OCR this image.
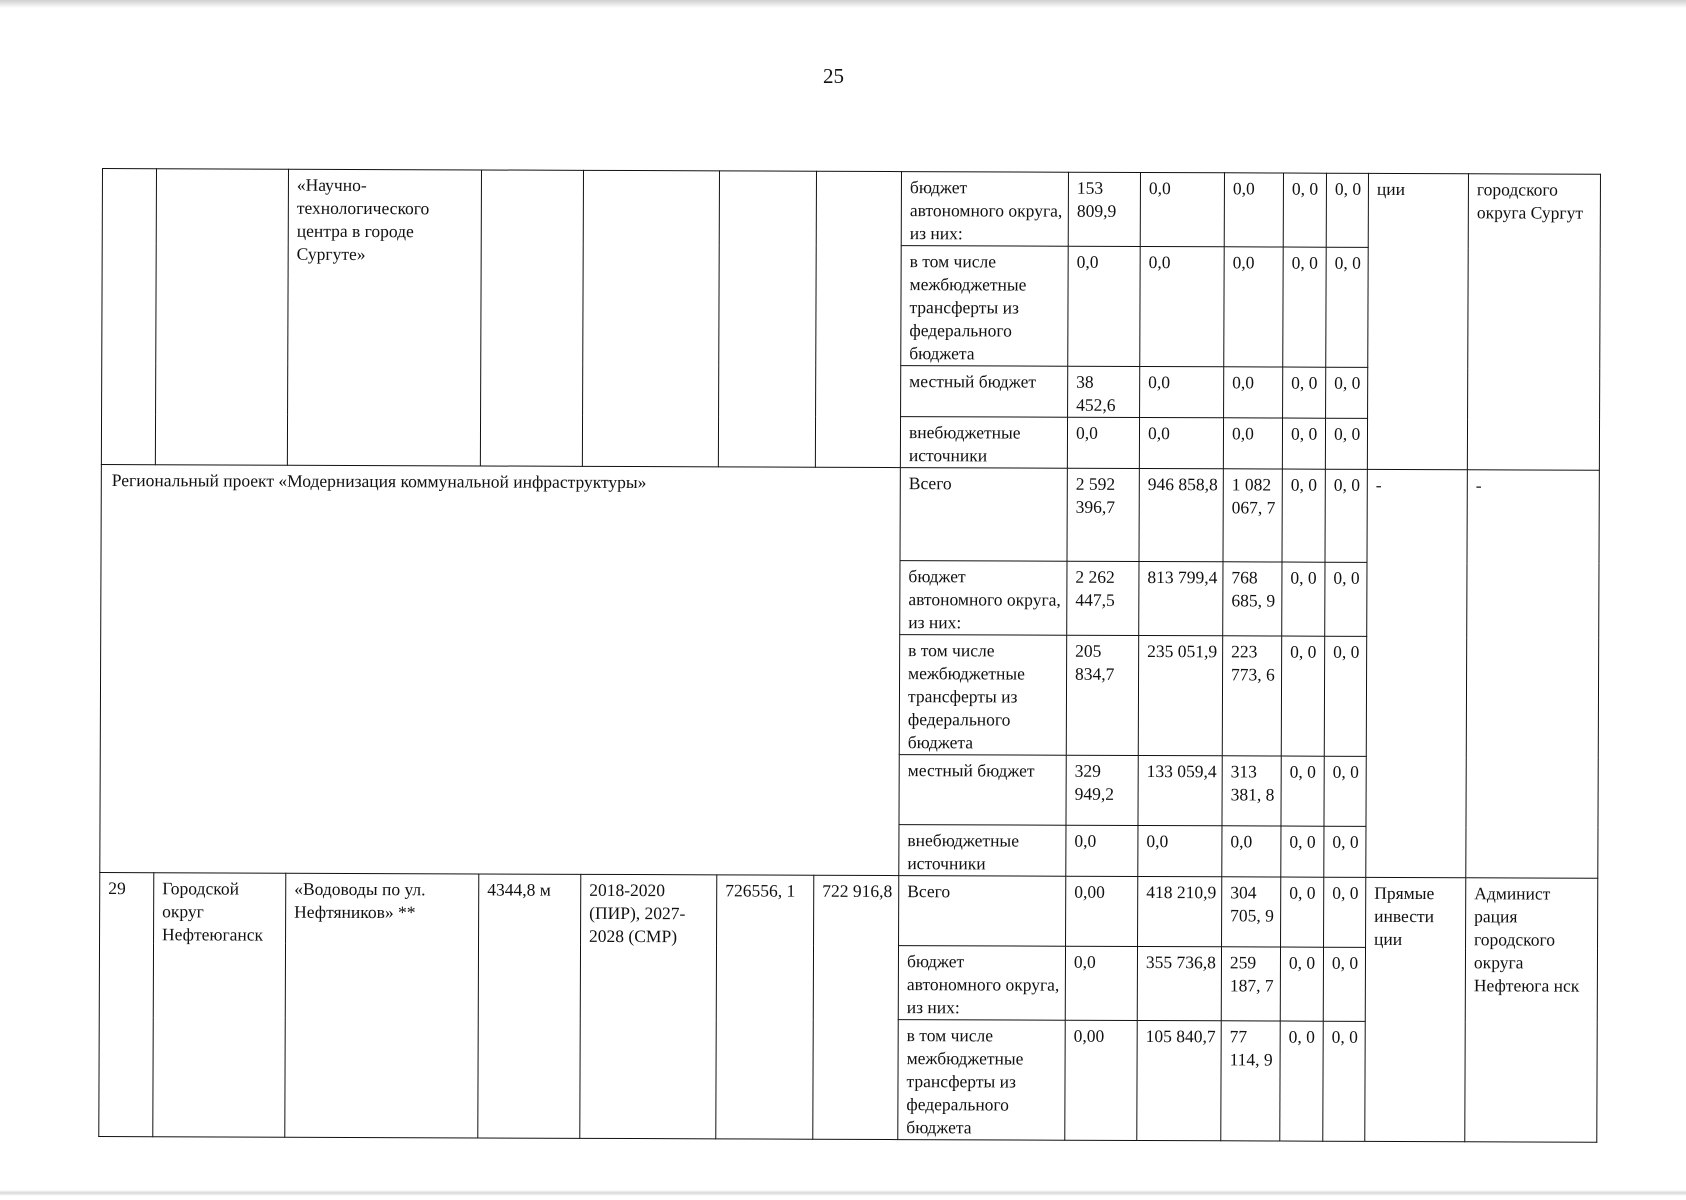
25
		«Научно-технологического центра в городе Сургуте»					бюджет автономного округа, из них:	153 809,9	0,0	0,0	0, 0	0, 0	ции	городского округа Сургут
							в том числе межбюджетные трансферты из федерального бюджета	0,0	0,0	0,0	0, 0	0, 0		
							местный бюджет	38 452,6	0,0	0,0	0, 0	0, 0		
							внебюджетные источники	0,0	0,0	0,0	0, 0	0, 0		
Региональный проект «Модернизация коммунальной инфраструктуры»							Всего	2 592 396,7	946 858,8	1 082 067, 7	0, 0	0, 0	-	-
							бюджет автономного округа, из них:	2 262 447,5	813 799,4	768 685, 9	0, 0	0, 0		
							в том числе межбюджетные трансферты из федерального бюджета	205 834,7	235 051,9	223 773, 6	0, 0	0, 0		
							местный бюджет	329 949,2	133 059,4	313 381, 8	0, 0	0, 0		
							внебюджетные источники	0,0	0,0	0,0	0, 0	0, 0		
29	Городской округ Нефтеюганск	«Водоводы по ул. Нефтяников» **	4344,8 м	2018-2020 (ПИР), 2027-2028 (СМР)	726556, 1	722 916,8	Всего	0,00	418 210,9	304 705, 9	0, 0	0, 0	Прямые инвести ции	Админист рация городского округа Нефтеюга нск
							бюджет автономного округа, из них:	0,0	355 736,8	259 187, 7	0, 0	0, 0		
							в том числе межбюджетные трансферты из федерального бюджета	0,00	105 840,7	77 114, 9	0, 0	0, 0		
